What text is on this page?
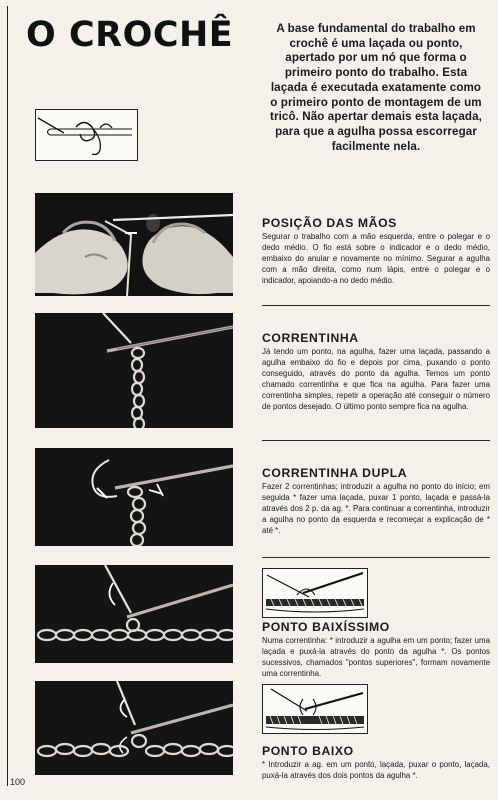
O CROCHÊ	A base fundamental do trabalho em crochê é uma laçada ou ponto, apertado por um nó que forma o primeiro ponto do trabalho. Esta laçada é executada exatamente como o primeiro ponto de montagem de um tricô. Não apertar demais esta laçada, para que a agulha possa escorregar facilmente nela.

POSIÇÃO DAS MÃOS

Segurar o trabalho com a mão esquerda, entre o polegar e o dedo médio. O fio está sobre o indicador e o dedo médio, embaixo do anular e novamente no mínimo. Segurar a agulha com a mão direita, como num lápis, entre o polegar e o indicador, apoiando-a no dedo médio.

CORRENTINHA

Já tendo um ponto, na agulha, fazer uma laçada, passando a agulha embaixo do fio e depois por cima, puxando o ponto conseguido, através do ponto da agulha. Temos um ponto chamado correntinha e que fica na agulha. Para fazer uma correntinha simples, repetir a operação até conseguir o número de pontos desejado. O último ponto sempre fica na agulha.

CORRENTINHA DUPLA

Fazer 2 correntinhas; introduzir a agulha no ponto do início; em seguida * fazer uma laçada, puxar 1 ponto, laçada e passá-la através dos 2 p. da ag. *. Para continuar a correntinha, introduzir a agulha no ponto da esquerda e recomeçar a explicação de * até *.

PONTO BAIXÍSSIMO

Numa correntinha: * introduzir a agulha em um ponto; fazer uma laçada e puxá-la através do ponto da agulha *. Os pontos sucessivos, chamados "pontos superiores", formam novamente uma correntinha.

PONTO BAIXO

* Introduzir a ag. em um ponto, laçada, puxar o ponto, laçada, puxá-la através dos dois pontos da agulha *.

100
